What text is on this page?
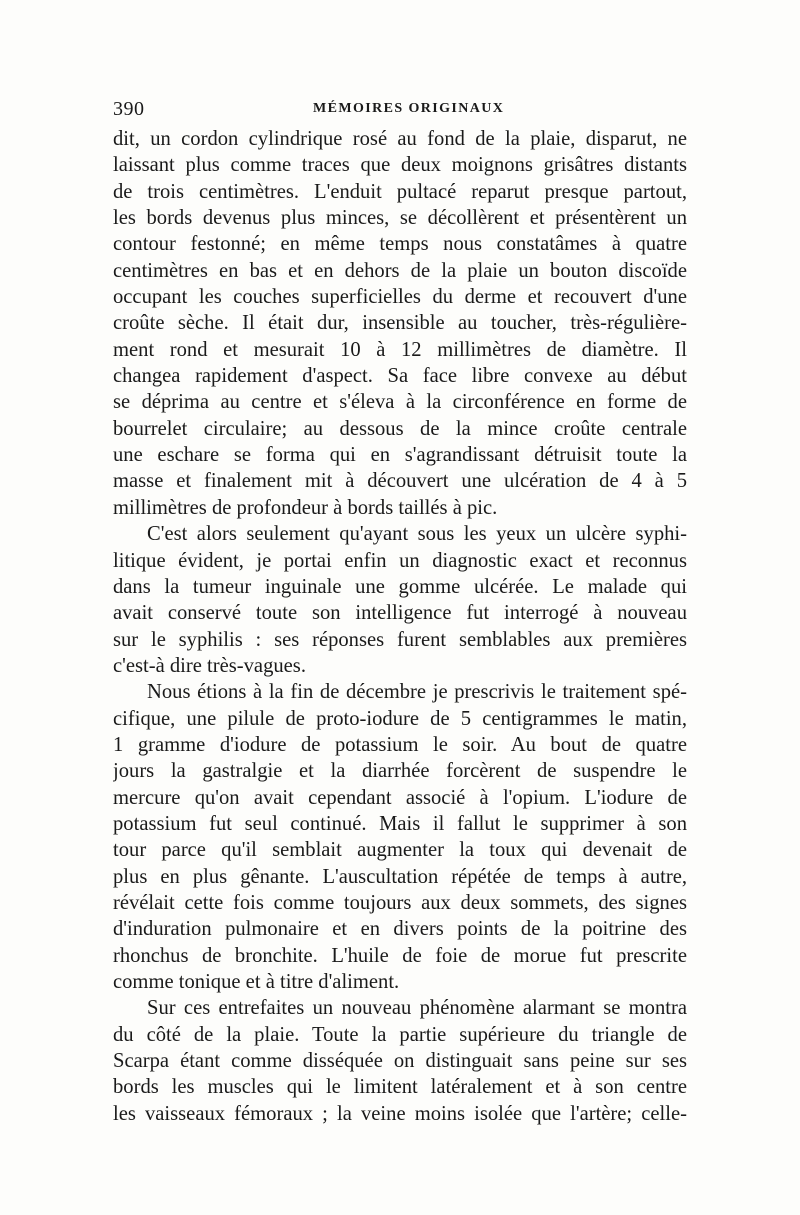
390	MÉMOIRES ORIGINAUX
dit, un cordon cylindrique rosé au fond de la plaie, disparut, ne
laissant plus comme traces que deux moignons grisâtres distants
de trois centimètres. L'enduit pultacé reparut presque partout,
les bords devenus plus minces, se décollèrent et présentèrent un
contour festonné; en même temps nous constatâmes à quatre
centimètres en bas et en dehors de la plaie un bouton discoïde
occupant les couches superficielles du derme et recouvert d'une
croûte sèche. Il était dur, insensible au toucher, très-régulière-
ment rond et mesurait 10 à 12 millimètres de diamètre. Il
changea rapidement d'aspect. Sa face libre convexe au début
se déprima au centre et s'éleva à la circonférence en forme de
bourrelet circulaire; au dessous de la mince croûte centrale
une eschare se forma qui en s'agrandissant détruisit toute la
masse et finalement mit à découvert une ulcération de 4 à 5
millimètres de profondeur à bords taillés à pic.
C'est alors seulement qu'ayant sous les yeux un ulcère syphi-
litique évident, je portai enfin un diagnostic exact et reconnus
dans la tumeur inguinale une gomme ulcérée. Le malade qui
avait conservé toute son intelligence fut interrogé à nouveau
sur le syphilis : ses réponses furent semblables aux premières
c'est-à dire très-vagues.
Nous étions à la fin de décembre je prescrivis le traitement spé-
cifique, une pilule de proto-iodure de 5 centigrammes le matin,
1 gramme d'iodure de potassium le soir. Au bout de quatre
jours la gastralgie et la diarrhée forcèrent de suspendre le
mercure qu'on avait cependant associé à l'opium. L'iodure de
potassium fut seul continué. Mais il fallut le supprimer à son
tour parce qu'il semblait augmenter la toux qui devenait de
plus en plus gênante. L'auscultation répétée de temps à autre,
révélait cette fois comme toujours aux deux sommets, des signes
d'induration pulmonaire et en divers points de la poitrine des
rhonchus de bronchite. L'huile de foie de morue fut prescrite
comme tonique et à titre d'aliment.
Sur ces entrefaites un nouveau phénomène alarmant se montra
du côté de la plaie. Toute la partie supérieure du triangle de
Scarpa étant comme disséquée on distinguait sans peine sur ses
bords les muscles qui le limitent latéralement et à son centre
les vaisseaux fémoraux ; la veine moins isolée que l'artère; celle-
